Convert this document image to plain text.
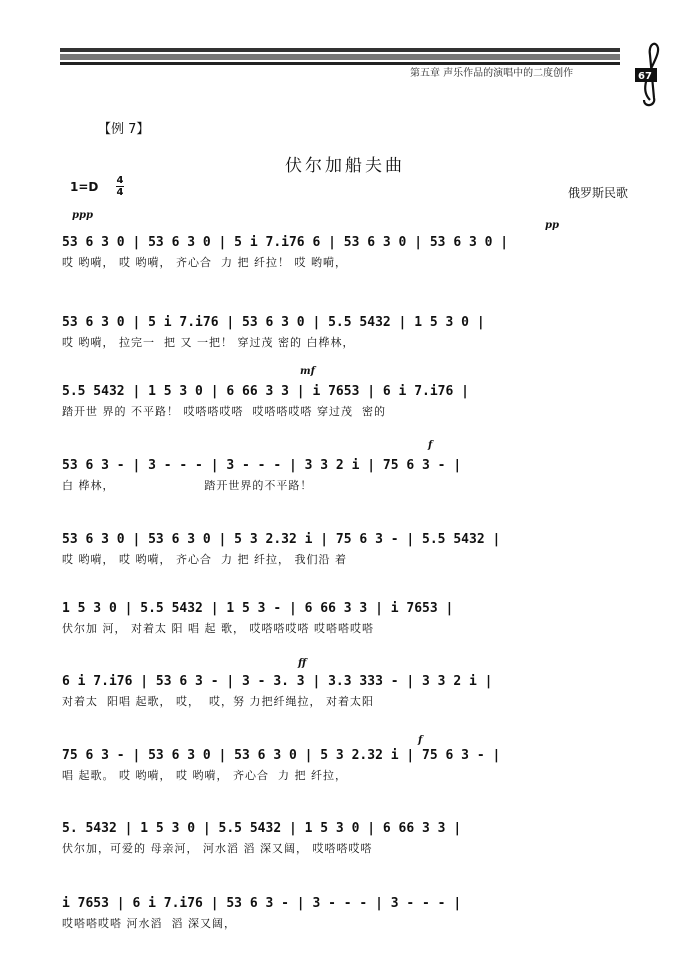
第五章 声乐作品的演唱中的二度创作	67
【例 7】
伏尔加船夫曲
1=D 4
4	俄罗斯民歌
ppp
pp
mf
f
ff
f
53 6 3 0 | 53 6 3 0 | 5 i 7.i76 6 | 53 6 3 0 | 53 6 3 0 |
哎 哟嗬， 哎 哟嗬， 齐心合  力 把 纤拉！ 哎 哟嗬，
53 6 3 0 | 5 i 7.i76 | 53 6 3 0 | 5.5 5432 | 1 5 3 0 |
哎 哟嗬， 拉完一  把 又 一把！ 穿过茂 密的 白桦林，
5.5 5432 | 1 5 3 0 | 6 66 3 3 | i 7653 | 6 i 7.i76 |
踏开世 界的 不平路！ 哎嗒嗒哎嗒  哎嗒嗒哎嗒 穿过茂  密的
53 6 3 - | 3 - - - | 3 - - - | 3 3 2 i | 75 6 3 - |
白 桦林，                    踏开世界的不平路！
53 6 3 0 | 53 6 3 0 | 5 3 2.32 i | 75 6 3 - | 5.5 5432 |
哎 哟嗬， 哎 哟嗬， 齐心合  力 把 纤拉， 我们沿 着
1 5 3 0 | 5.5 5432 | 1 5 3 - | 6 66 3 3 | i 7653 |
伏尔加 河， 对着太 阳 唱 起 歌， 哎嗒嗒哎嗒 哎嗒嗒哎嗒
6 i 7.i76 | 53 6 3 - | 3 - 3. 3 | 3.3 333 - | 3 3 2 i |
对着太  阳唱 起歌， 哎，  哎，努 力把纤绳拉， 对着太阳
75 6 3 - | 53 6 3 0 | 53 6 3 0 | 5 3 2.32 i | 75 6 3 - |
唱 起歌。 哎 哟嗬， 哎 哟嗬， 齐心合  力 把 纤拉，
5. 5432 | 1 5 3 0 | 5.5 5432 | 1 5 3 0 | 6 66 3 3 |
伏尔加，可爱的 母亲河， 河水滔 滔 深又阔， 哎嗒嗒哎嗒
i 7653 | 6 i 7.i76 | 53 6 3 - | 3 - - - | 3 - - - |
哎嗒嗒哎嗒 河水滔  滔 深又阔，
